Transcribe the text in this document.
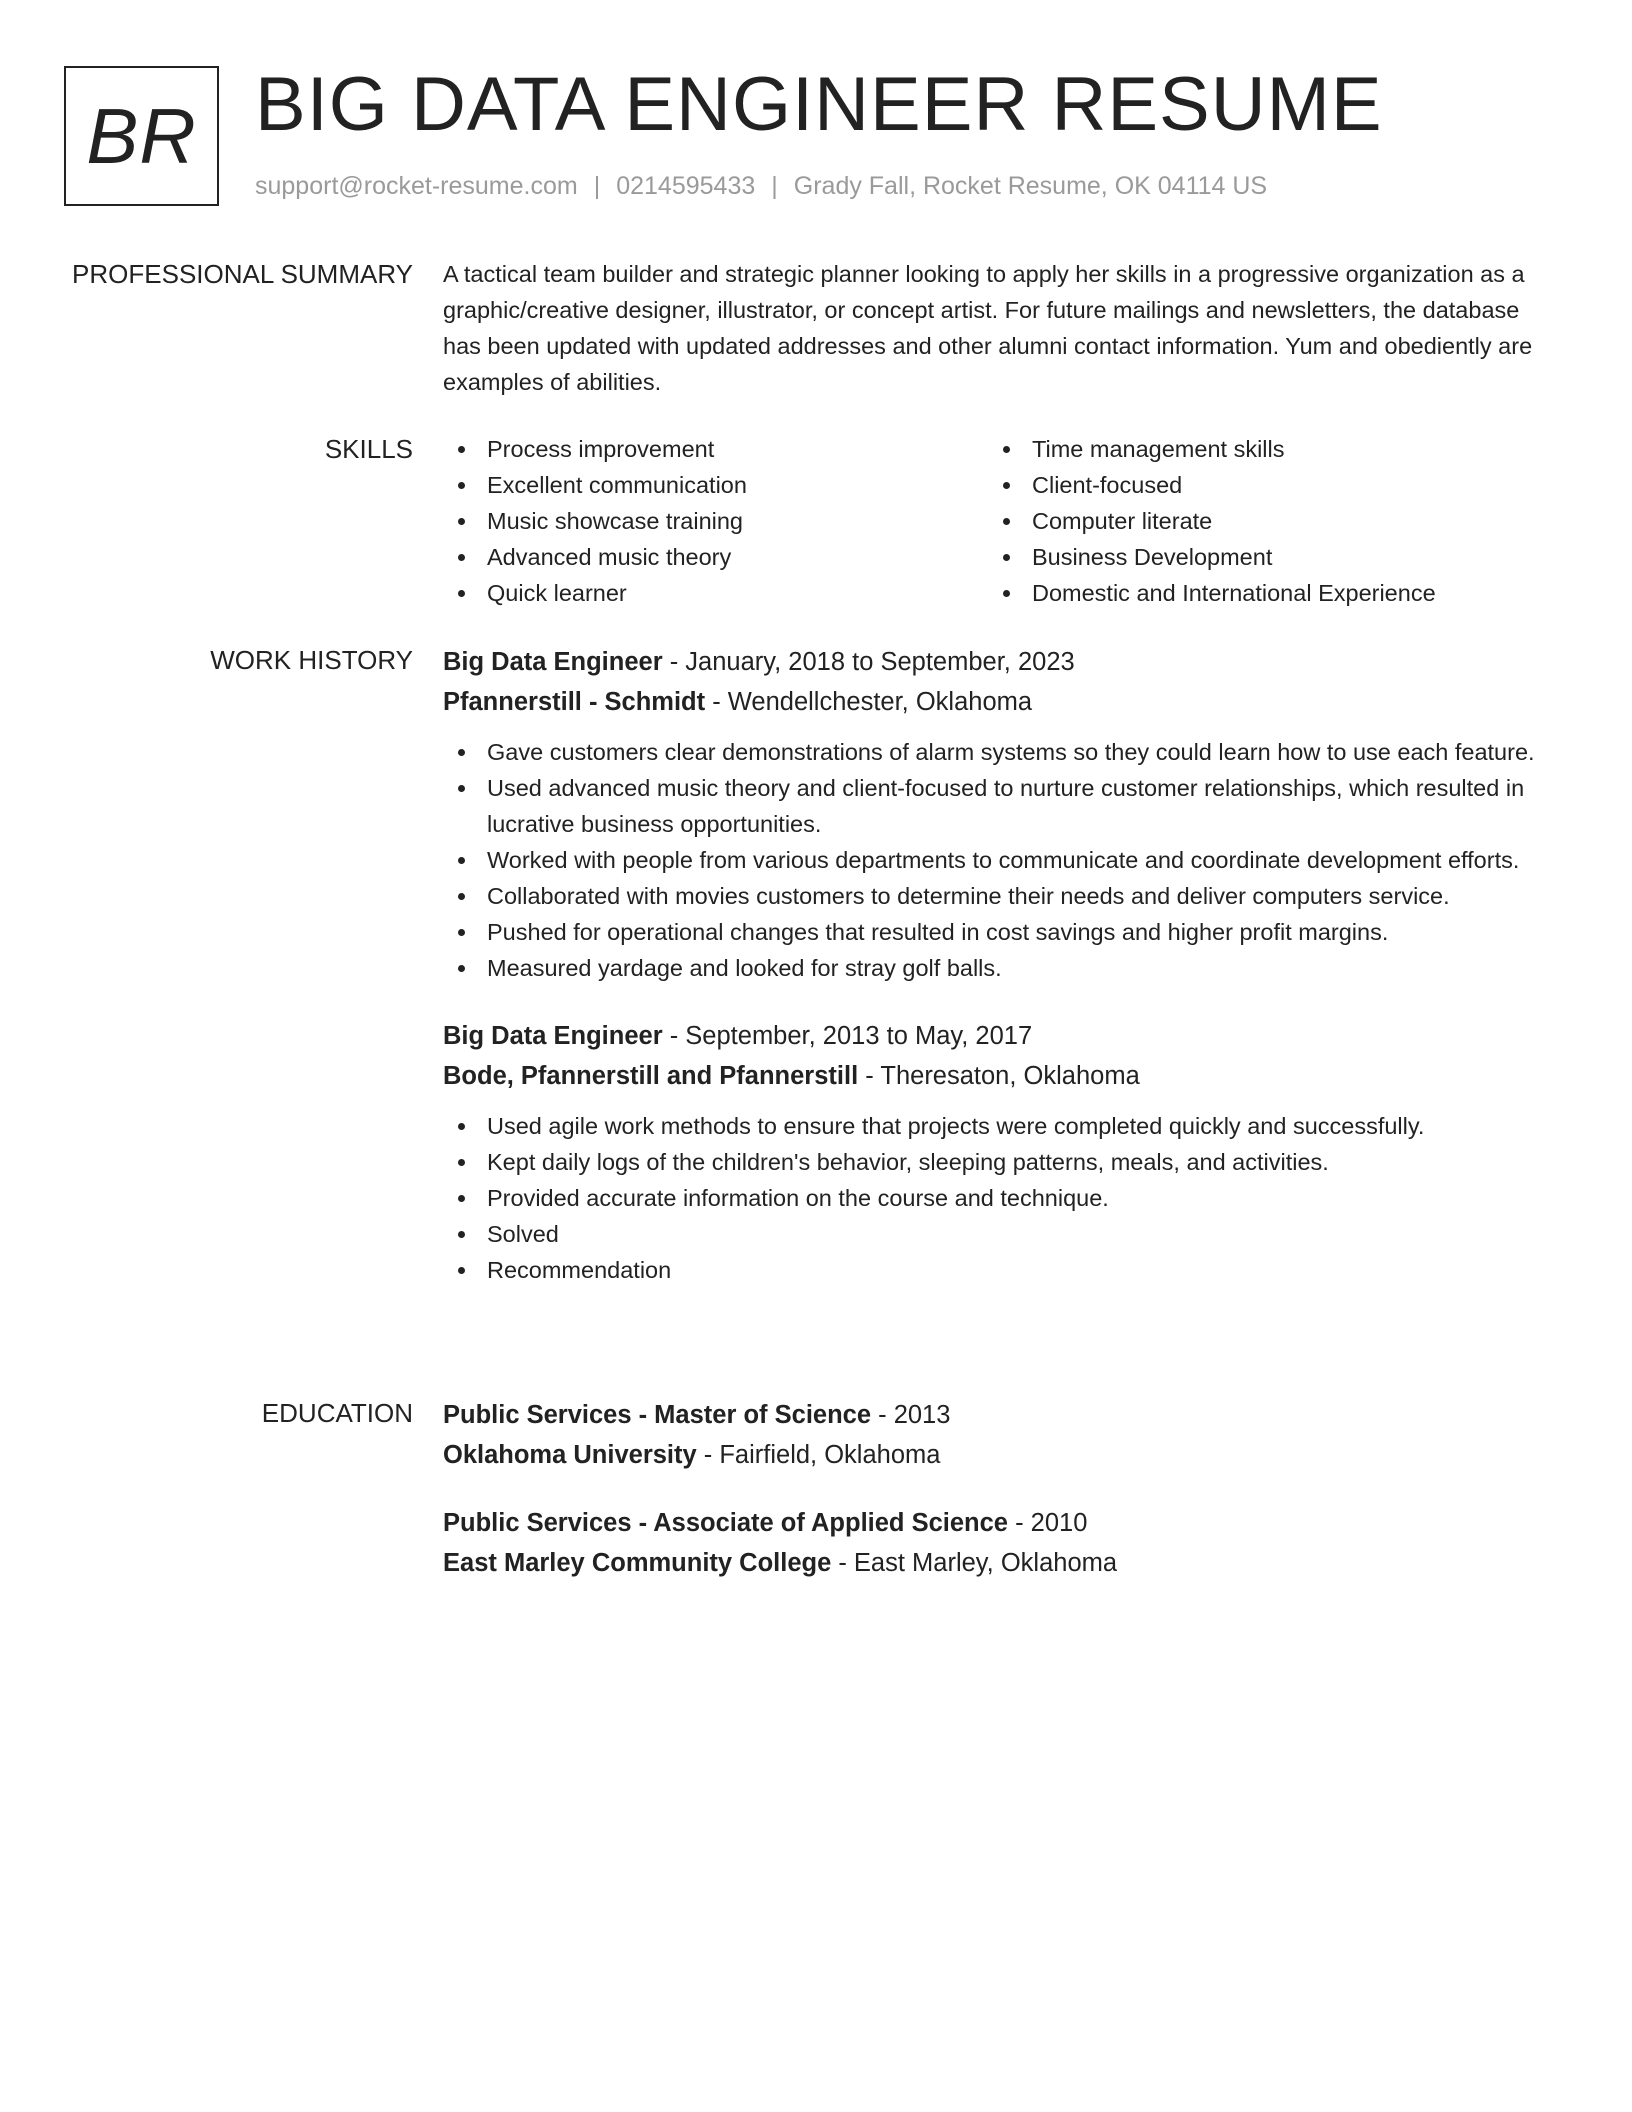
BR BIG DATA ENGINEER RESUME
support@rocket-resume.com | 0214595433 | Grady Fall, Rocket Resume, OK 04114 US
PROFESSIONAL SUMMARY A tactical team builder and strategic planner looking to apply her skills in a progressive organization as a graphic/creative designer, illustrator, or concept artist. For future mailings and newsletters, the database has been updated with updated addresses and other alumni contact information. Yum and obediently are examples of abilities.

SKILLS	Process improvement
Excellent communication
Music showcase training
Advanced music theory
Quick learner
Time management skills
Client-focused
Computer literate
Business Development
Domestic and International Experience
WORK HISTORY Big Data Engineer - January, 2018 to September, 2023
Pfannerstill - Schmidt - Wendellchester, Oklahoma
Gave customers clear demonstrations of alarm systems so they could learn how to use each feature.
Used advanced music theory and client-focused to nurture customer relationships, which resulted in lucrative business opportunities.
Worked with people from various departments to communicate and coordinate development efforts.
Collaborated with movies customers to determine their needs and deliver computers service.
Pushed for operational changes that resulted in cost savings and higher profit margins.
Measured yardage and looked for stray golf balls.
Big Data Engineer - September, 2013 to May, 2017
Bode, Pfannerstill and Pfannerstill - Theresaton, Oklahoma
Used agile work methods to ensure that projects were completed quickly and successfully.
Kept daily logs of the children's behavior, sleeping patterns, meals, and activities.
Provided accurate information on the course and technique.
Solved
Recommendation
EDUCATION Public Services - Master of Science - 2013
Oklahoma University - Fairfield, Oklahoma
Public Services - Associate of Applied Science - 2010
East Marley Community College - East Marley, Oklahoma
